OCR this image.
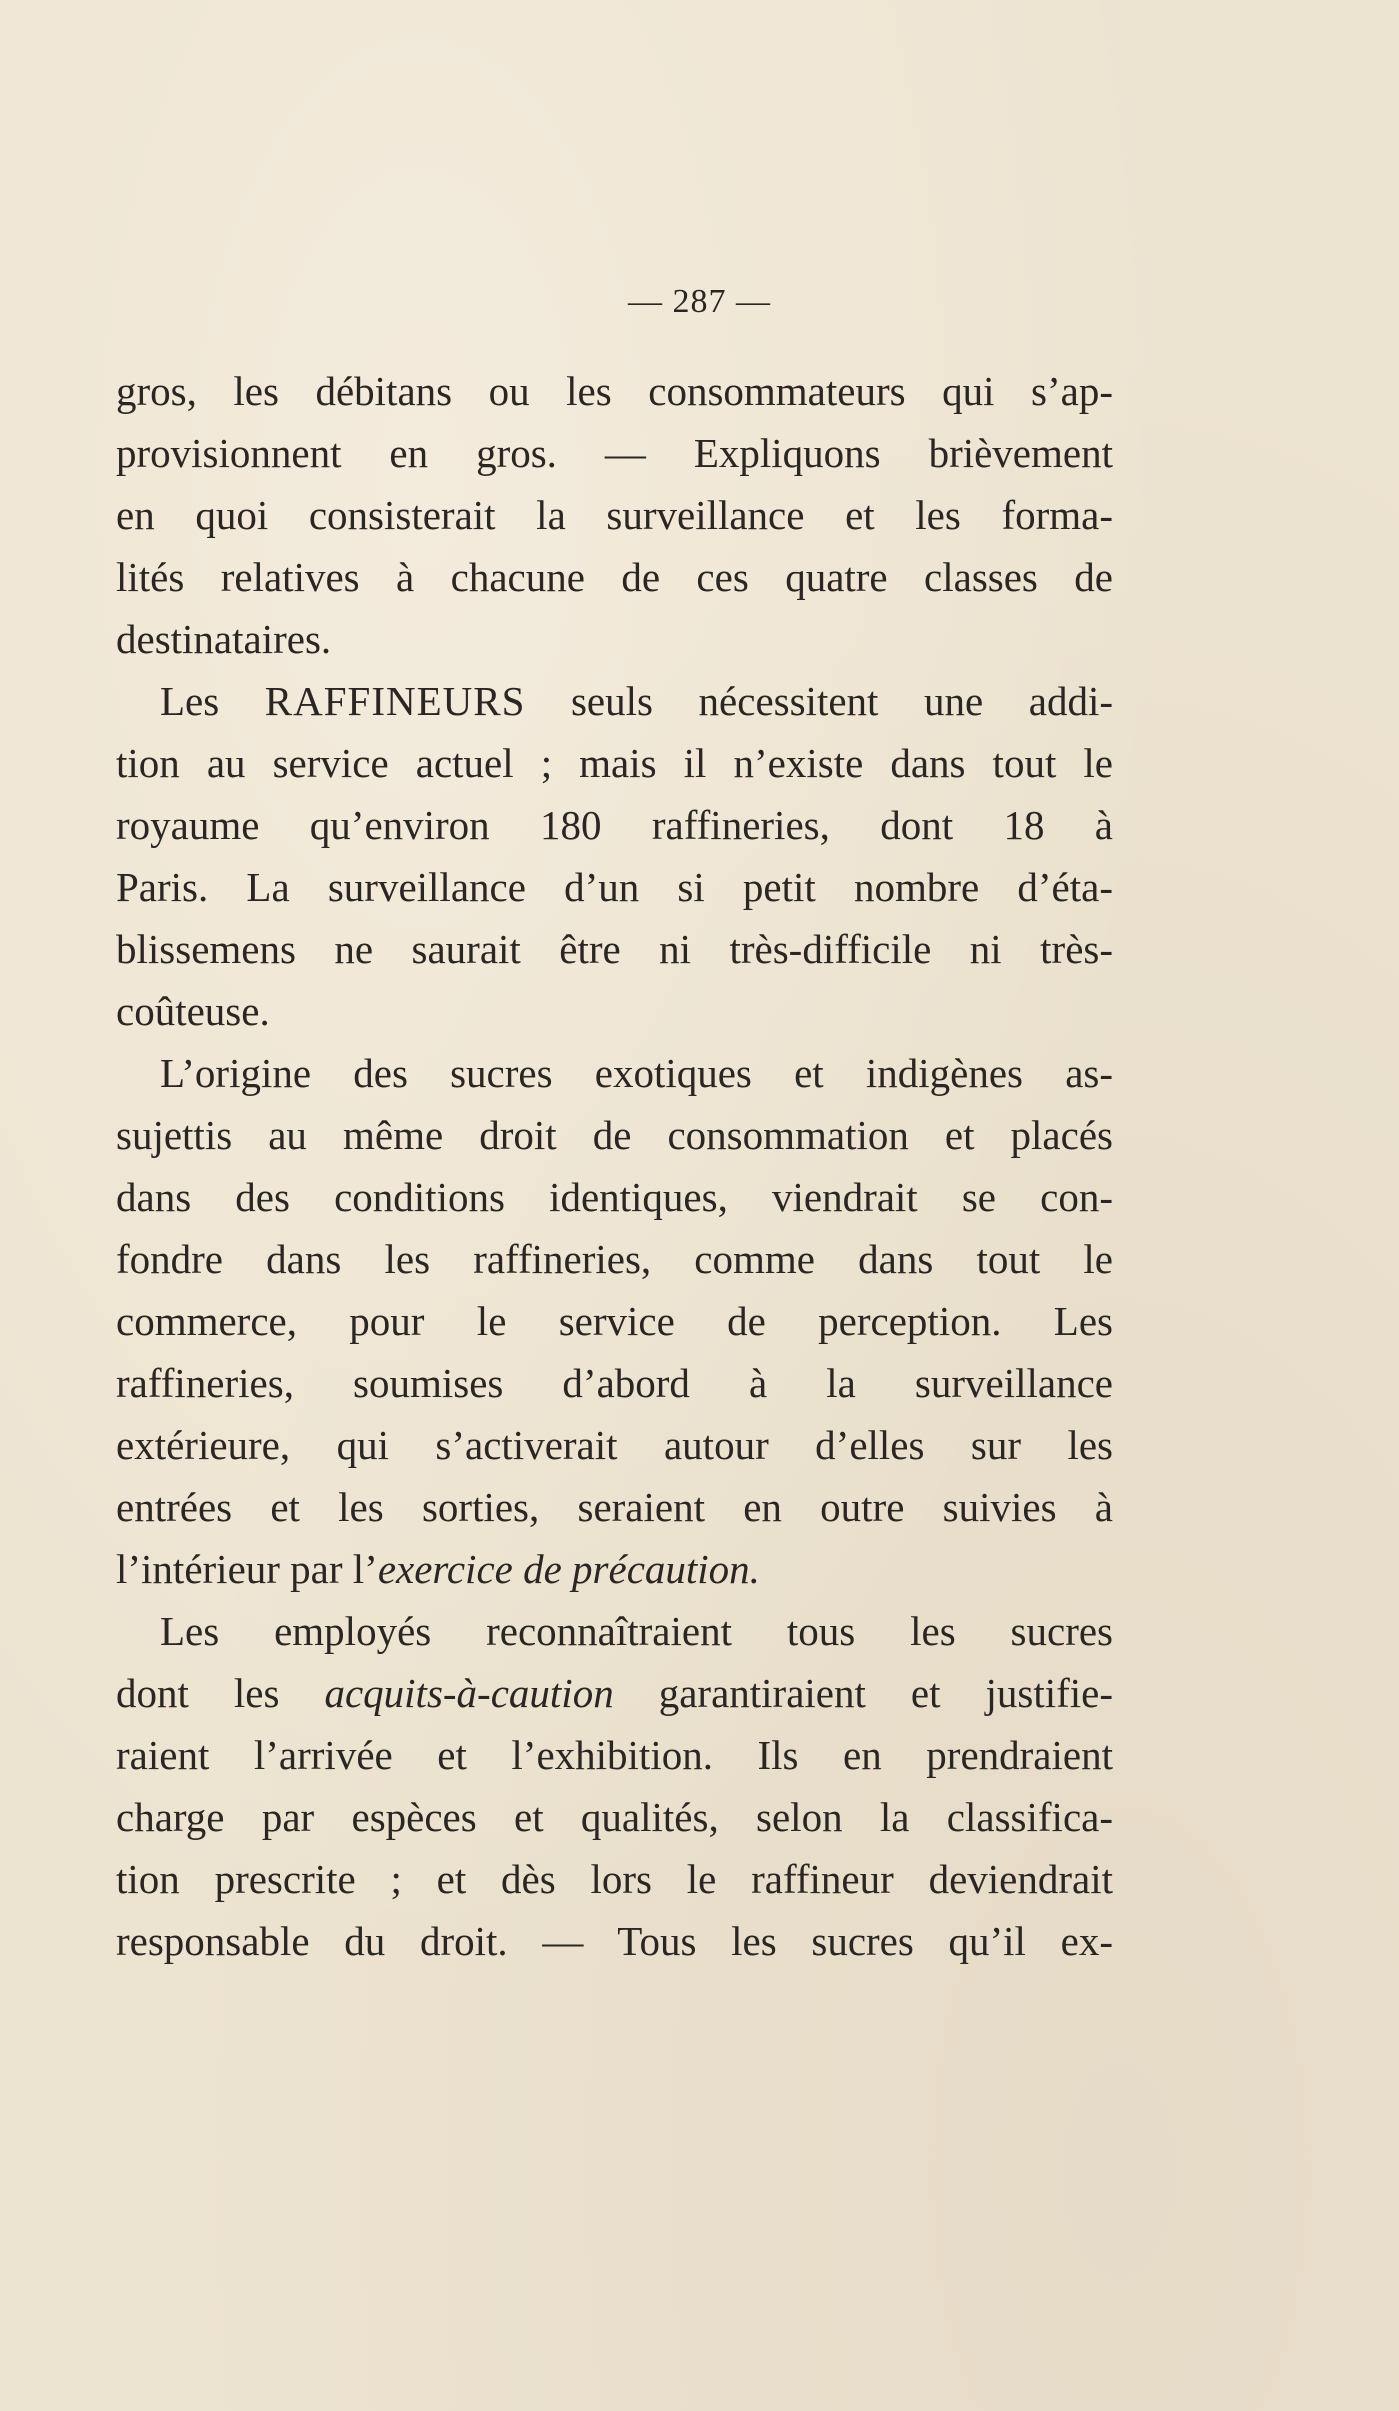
— 287 —
gros, les débitans ou les consommateurs qui s’ap-
provisionnent en gros. — Expliquons brièvement
en quoi consisterait la surveillance et les forma-
lités relatives à chacune de ces quatre classes de
destinataires.
Les RAFFINEURS seuls nécessitent une addi-
tion au service actuel ; mais il n’existe dans tout le
royaume qu’environ 180 raffineries, dont 18 à
Paris. La surveillance d’un si petit nombre d’éta-
blissemens ne saurait être ni très-difficile ni très-
coûteuse.
L’origine des sucres exotiques et indigènes as-
sujettis au même droit de consommation et placés
dans des conditions identiques, viendrait se con-
fondre dans les raffineries, comme dans tout le
commerce, pour le service de perception. Les
raffineries, soumises d’abord à la surveillance
extérieure, qui s’activerait autour d’elles sur les
entrées et les sorties, seraient en outre suivies à
l’intérieur par l’exercice de précaution.
Les employés reconnaîtraient tous les sucres
dont les acquits-à-caution garantiraient et justifie-
raient l’arrivée et l’exhibition. Ils en prendraient
charge par espèces et qualités, selon la classifica-
tion prescrite ; et dès lors le raffineur deviendrait
responsable du droit. — Tous les sucres qu’il ex-
